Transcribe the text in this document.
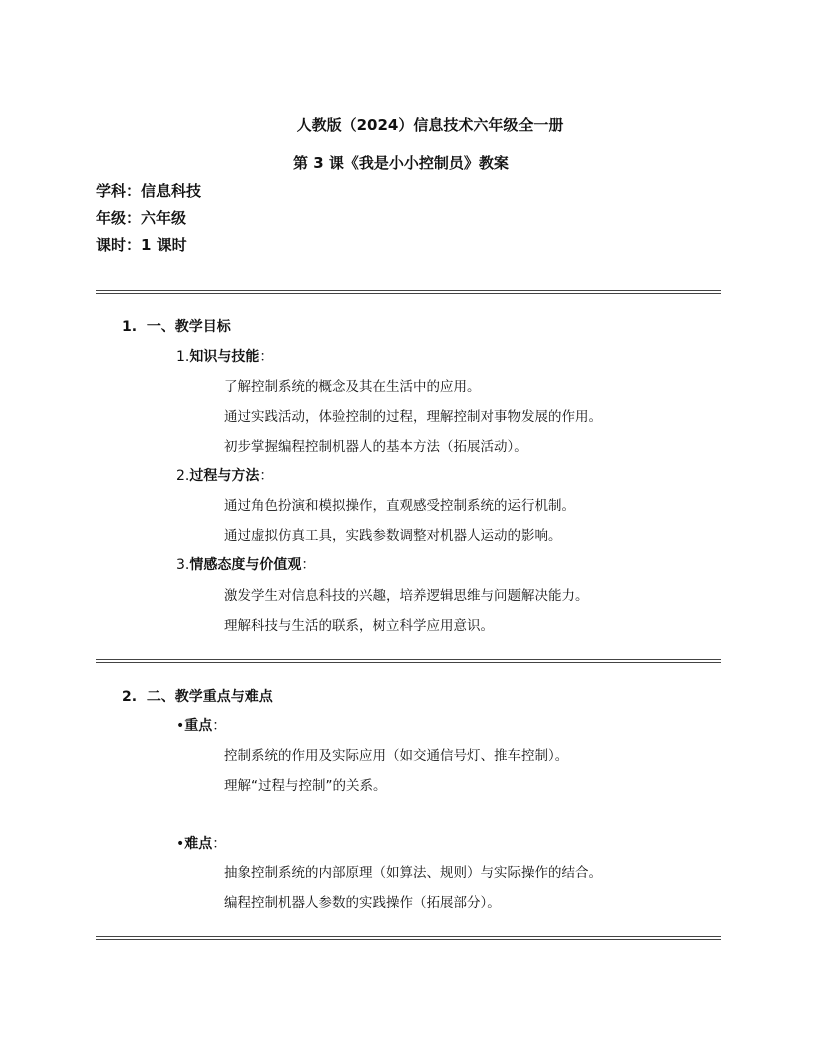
人教版（2024）信息技术六年级全一册
第 3 课《我是小小控制员》教案
学科：信息科技
年级：六年级
课时：1 课时
1. 一、教学目标
1.知识与技能：
了解控制系统的概念及其在生活中的应用。
通过实践活动，体验控制的过程，理解控制对事物发展的作用。
初步掌握编程控制机器人的基本方法（拓展活动）。
2.过程与方法：
通过角色扮演和模拟操作，直观感受控制系统的运行机制。
通过虚拟仿真工具，实践参数调整对机器人运动的影响。
3.情感态度与价值观：
激发学生对信息科技的兴趣，培养逻辑思维与问题解决能力。
理解科技与生活的联系，树立科学应用意识。
2. 二、教学重点与难点
•重点：
控制系统的作用及实际应用（如交通信号灯、推车控制）。
理解“过程与控制”的关系。
•难点：
抽象控制系统的内部原理（如算法、规则）与实际操作的结合。
编程控制机器人参数的实践操作（拓展部分）。
